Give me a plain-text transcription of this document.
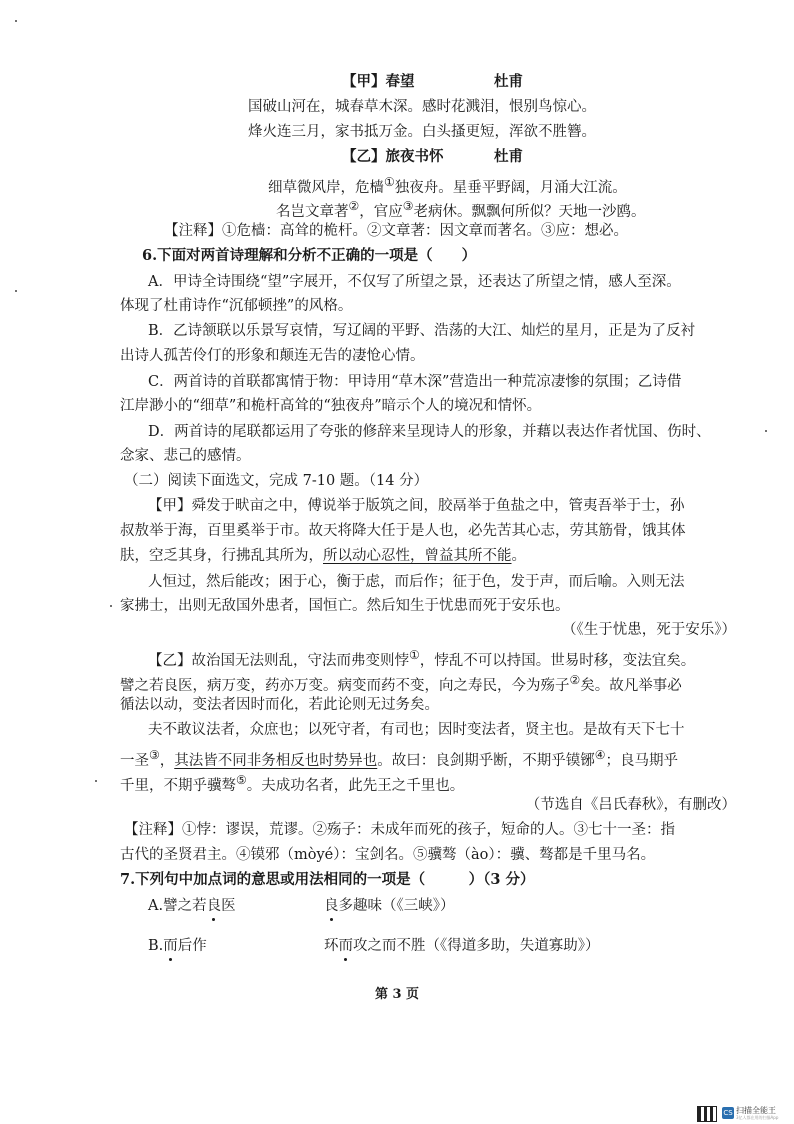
【甲】春望	杜甫
国破山河在，城春草木深。感时花溅泪，恨别鸟惊心。
烽火连三月，家书抵万金。白头搔更短，浑欲不胜簪。
【乙】旅夜书怀	杜甫
细草微风岸，危樯①独夜舟。星垂平野阔，月涌大江流。
名岂文章著②，官应③老病休。飘飘何所似？天地一沙鸥。
【注释】①危樯：高耸的桅杆。②文章著：因文章而著名。③应：想必。
6.下面对两首诗理解和分析不正确的一项是（　　）
A．甲诗全诗围绕“望”字展开，不仅写了所望之景，还表达了所望之情，感人至深。
体现了杜甫诗作“沉郁顿挫”的风格。
B．乙诗颔联以乐景写哀情，写辽阔的平野、浩荡的大江、灿烂的星月，正是为了反衬
出诗人孤苦伶仃的形象和颠连无告的凄怆心情。
C．两首诗的首联都寓情于物：甲诗用“草木深”营造出一种荒凉凄惨的氛围；乙诗借
江岸渺小的“细草”和桅杆高耸的“独夜舟”暗示个人的境况和情怀。
D．两首诗的尾联都运用了夸张的修辞来呈现诗人的形象，并藉以表达作者忧国、伤时、
念家、悲己的感情。
（二）阅读下面选文，完成 7-10 题。（14 分）
【甲】舜发于畎亩之中，傅说举于版筑之间，胶鬲举于鱼盐之中，管夷吾举于士，孙
叔敖举于海，百里奚举于市。故天将降大任于是人也，必先苦其心志，劳其筋骨，饿其体
肤，空乏其身，行拂乱其所为，所以动心忍性，曾益其所不能。
人恒过，然后能改；困于心，衡于虑，而后作；征于色，发于声，而后喻。入则无法
家拂士，出则无敌国外患者，国恒亡。然后知生于忧患而死于安乐也。
（《生于忧患，死于安乐》）
【乙】故治国无法则乱，守法而弗变则悖①，悖乱不可以持国。世易时移，变法宜矣。
譬之若良医，病万变，药亦万变。病变而药不变，向之寿民，今为殇子②矣。故凡举事必
循法以动，变法者因时而化，若此论则无过务矣。
夫不敢议法者，众庶也；以死守者，有司也；因时变法者，贤主也。是故有天下七十
一圣③，其法皆不同非务相反也时势异也。故曰：良剑期乎断，不期乎镆铘④；良马期乎
千里，不期乎骥骜⑤。夫成功名者，此先王之千里也。
（节选自《吕氏春秋》，有删改）
【注释】①悖：谬误，荒谬。②殇子：未成年而死的孩子，短命的人。③七十一圣：指
古代的圣贤君主。④镆邪（mòyé）：宝剑名。⑤骥骜（ào）：骥、骜都是千里马名。
7.下列句中加点词的意思或用法相同的一项是（　　　）（3 分）
A.譬之若良医	良多趣味（《三峡》）
B.而后作	环而攻之而不胜（《得道多助，失道寡助》）
第 3 页
CS 扫描全能王
3亿人都在用的扫描App
